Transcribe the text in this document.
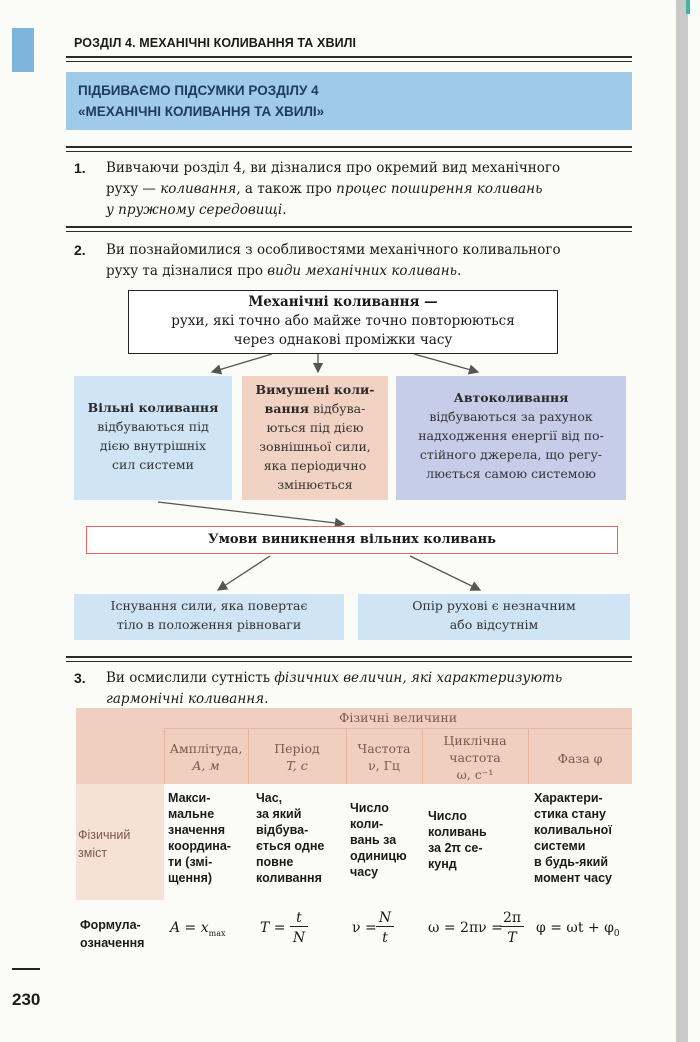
РОЗДІЛ 4. МЕХАНІЧНІ КОЛИВАННЯ ТА ХВИЛІ
ПІДБИВАЄМО ПІДСУМКИ РОЗДІЛУ 4
«МЕХАНІЧНІ КОЛИВАННЯ ТА ХВИЛІ»
1. Вивчаючи розділ 4, ви дізналися про окремий вид механічного
руху — коливання, а також про процес поширення коливань
у пружному середовищі.
2. Ви познайомилися з особливостями механічного коливального
руху та дізналися про види механічних коливань.
Механічні коливання —
рухи, які точно або майже точно повторюються
через однакові проміжки часу
Вільні коливання
відбуваються під
дією внутрішніх
сил системи
Вимушені коли-
вання відбува-
ються під дією
зовнішньої сили,
яка періодично
змінюється
Автоколивання
відбуваються за рахунок
надходження енергії від по-
стійного джерела, що регу-
люється самою системою
Умови виникнення вільних коливань
Існування сили, яка повертає
тіло в положення рівноваги
Опір рухові є незначним
або відсутнім
3. Ви осмислили сутність фізичних величин, які характеризують
гармонічні коливання.
Фізичні величини
Амплітуда,
A, м
Період
T, с
Частота
ν, Гц
Циклічна
частота
ω, с⁻¹
Фаза φ
Фізичний
зміст
Макси-
мальне
значення
координа-
ти (змі-
щення)
Час,
за який
відбува-
ється одне
повне
коливання
Число
коли-
вань за
одиницю
часу
Число
коливань
за 2π се-
кунд
Характери-
стика стану
коливальної
системи
в будь-який
момент часу
Формула-
означення
$A = x_{max}$ T =
t
N
ν =
N
t
ω = 2πν =
2π
T
$\varphi = \omega t + \varphi_0$
230
